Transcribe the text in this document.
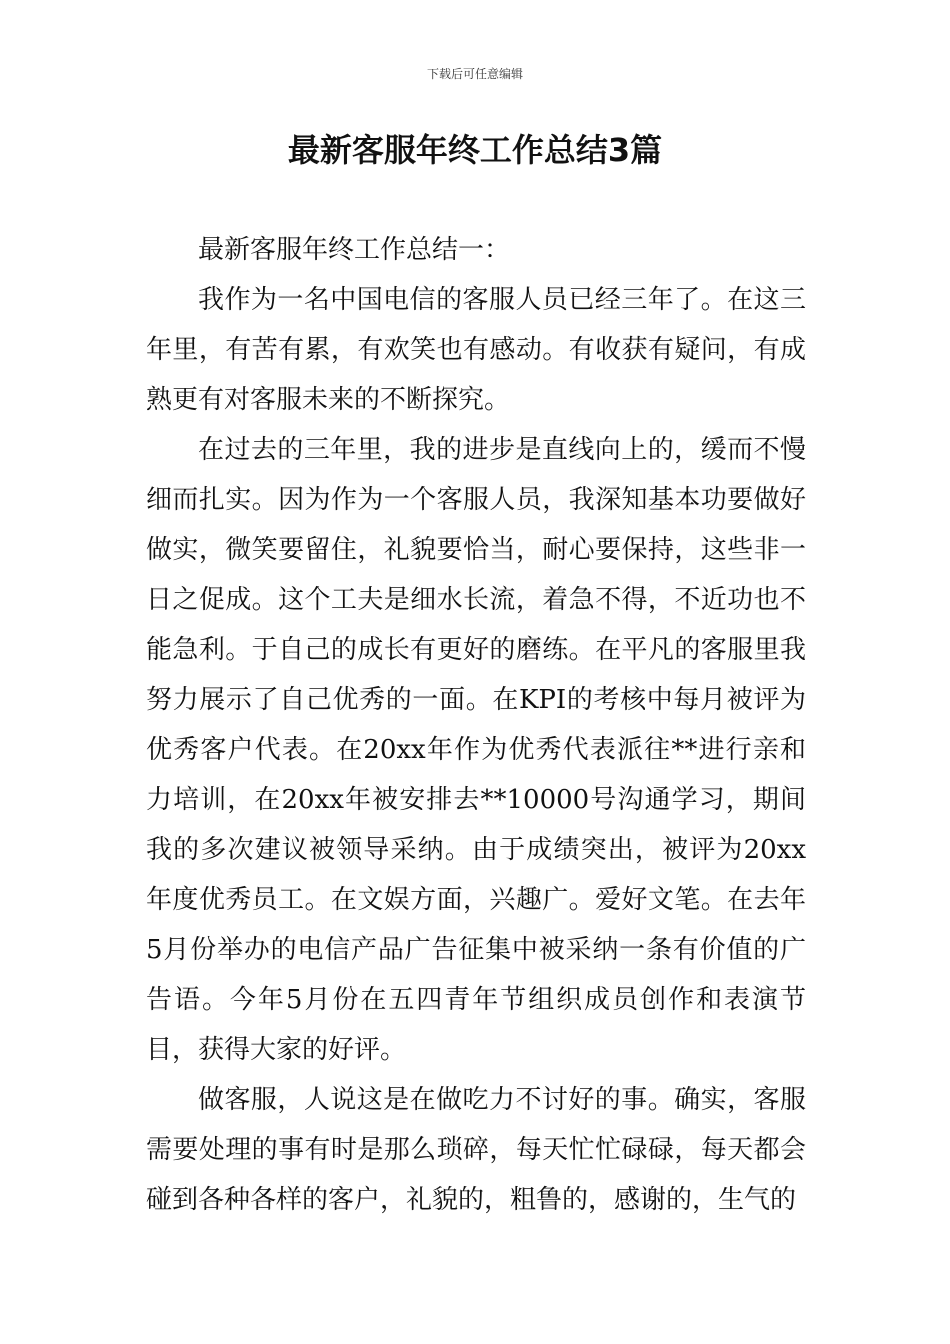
下载后可任意编辑
最新客服年终工作总结3篇

最新客服年终工作总结一：

我作为一名中国电信的客服人员已经三年了。在这三年里，有苦有累，有欢笑也有感动。有收获有疑问，有成熟更有对客服未来的不断探究。

在过去的三年里，我的进步是直线向上的，缓而不慢细而扎实。因为作为一个客服人员，我深知基本功要做好做实，微笑要留住，礼貌要恰当，耐心要保持，这些非一日之促成。这个工夫是细水长流，着急不得，不近功也不能急利。于自己的成长有更好的磨练。在平凡的客服里我努力展示了自己优秀的一面。在KPI的考核中每月被评为优秀客户代表。在20xx年作为优秀代表派往**进行亲和力培训，在20xx年被安排去**10000号沟通学习，期间我的多次建议被领导采纳。由于成绩突出，被评为20xx年度优秀员工。在文娱方面，兴趣广。爱好文笔。在去年5月份举办的电信产品广告征集中被采纳一条有价值的广告语。今年5月份在五四青年节组织成员创作和表演节目，获得大家的好评。

做客服，人说这是在做吃力不讨好的事。确实，客服需要处理的事有时是那么琐碎，每天忙忙碌碌，每天都会碰到各种各样的客户，礼貌的，粗鲁的，感谢的，生气的
